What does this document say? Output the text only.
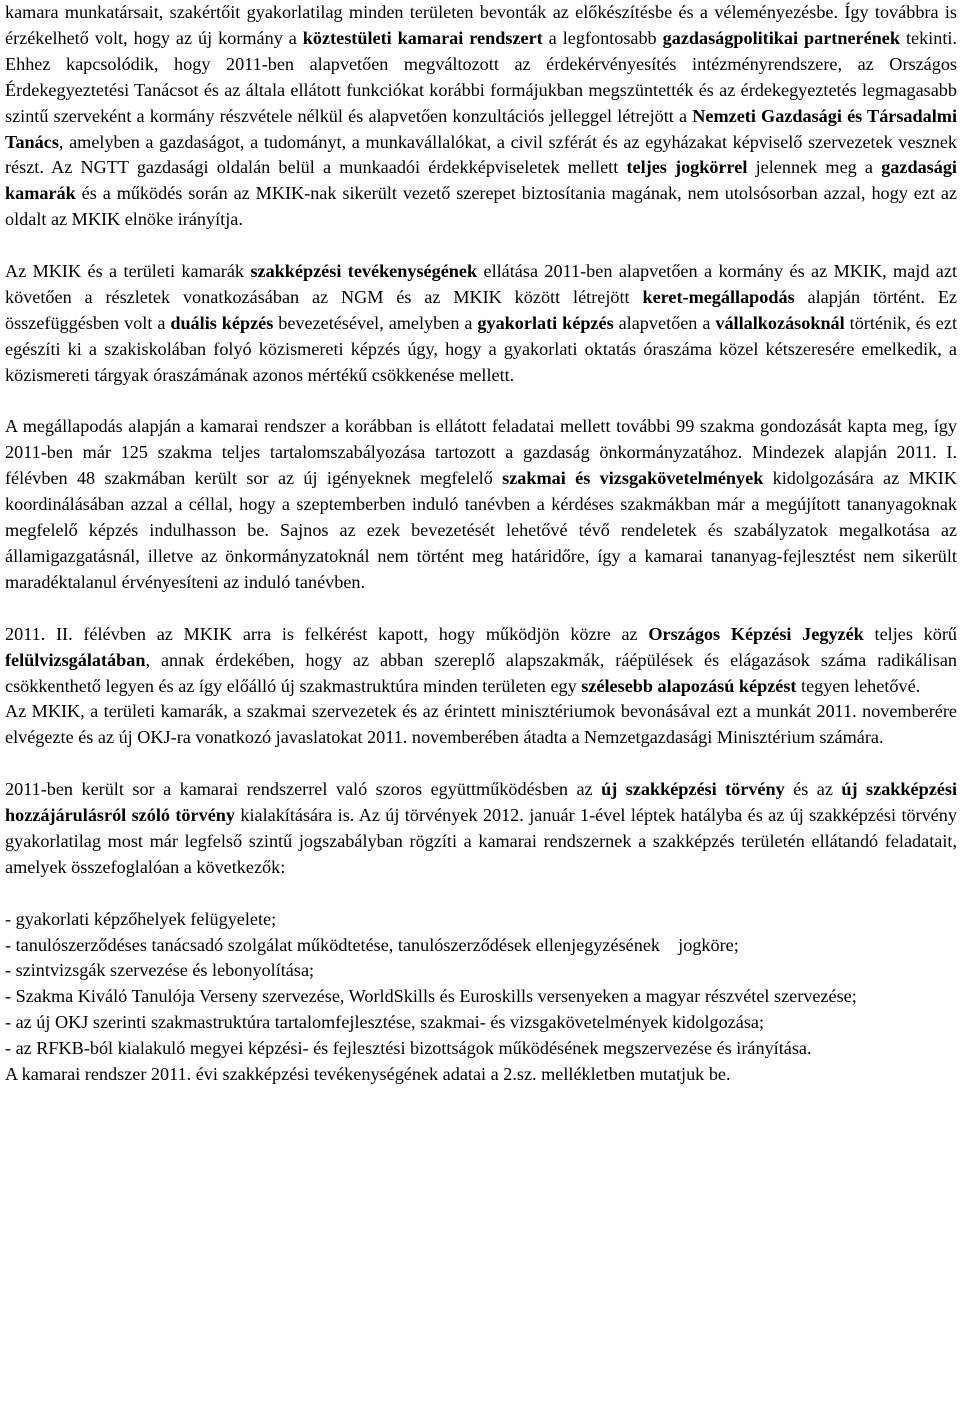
kamara munkatársait, szakértőit gyakorlatilag minden területen bevonták az előkészítésbe és a véleményezésbe. Így továbbra is érzékelhető volt, hogy az új kormány a köztestületi kamarai rendszert a legfontosabb gazdaságpolitikai partnerének tekinti. Ehhez kapcsolódik, hogy 2011-ben alapvetően megváltozott az érdekérvényesítés intézményrendszere, az Országos Érdekegyeztetési Tanácsot és az általa ellátott funkciókat korábbi formájukban megszüntették és az érdekegyeztetés legmagasabb szintű szerveként a kormány részvétele nélkül és alapvetően konzultációs jelleggel létrejött a Nemzeti Gazdasági és Társadalmi Tanács, amelyben a gazdaságot, a tudományt, a munkavállalókat, a civil szférát és az egyházakat képviselő szervezetek vesznek részt. Az NGTT gazdasági oldalán belül a munkaadói érdekképviseletek mellett teljes jogkörrel jelennek meg a gazdasági kamarák és a működés során az MKIK-nak sikerült vezető szerepet biztosítania magának, nem utolsósorban azzal, hogy ezt az oldalt az MKIK elnöke irányítja.

Az MKIK és a területi kamarák szakképzési tevékenységének ellátása 2011-ben alapvetően a kormány és az MKIK, majd azt követően a részletek vonatkozásában az NGM és az MKIK között létrejött keret-megállapodás alapján történt. Ez összefüggésben volt a duális képzés bevezetésével, amelyben a gyakorlati képzés alapvetően a vállalkozásoknál történik, és ezt egészíti ki a szakiskolában folyó közismereti képzés úgy, hogy a gyakorlati oktatás óraszáma közel kétszeresére emelkedik, a közismereti tárgyak óraszámának azonos mértékű csökkenése mellett.

A megállapodás alapján a kamarai rendszer a korábban is ellátott feladatai mellett további 99 szakma gondozását kapta meg, így 2011-ben már 125 szakma teljes tartalomszabályozása tartozott a gazdaság önkormányzatához. Mindezek alapján 2011. I. félévben 48 szakmában került sor az új igényeknek megfelelő szakmai és vizsgakövetelmények kidolgozására az MKIK koordinálásában azzal a céllal, hogy a szeptemberben induló tanévben a kérdéses szakmákban már a megújított tananyagoknak megfelelő képzés indulhasson be. Sajnos az ezek bevezetését lehetővé tévő rendeletek és szabályzatok megalkotása az államigazgatásnál, illetve az önkormányzatoknál nem történt meg határidőre, így a kamarai tananyag-fejlesztést nem sikerült maradéktalanul érvényesíteni az induló tanévben.

2011. II. félévben az MKIK arra is felkérést kapott, hogy működjön közre az Országos Képzési Jegyzék teljes körű felülvizsgálatában, annak érdekében, hogy az abban szereplő alapszakmák, ráépülések és elágazások száma radikálisan csökkenthető legyen és az így előálló új szakmastruktúra minden területen egy szélesebb alapozású képzést tegyen lehetővé.

Az MKIK, a területi kamarák, a szakmai szervezetek és az érintett minisztériumok bevonásával ezt a munkát 2011. novemberére elvégezte és az új OKJ-ra vonatkozó javaslatokat 2011. novemberében átadta a Nemzetgazdasági Minisztérium számára.

2011-ben került sor a kamarai rendszerrel való szoros együttműködésben az új szakképzési törvény és az új szakképzési hozzájárulásról szóló törvény kialakítására is. Az új törvények 2012. január 1-ével léptek hatályba és az új szakképzési törvény gyakorlatilag most már legfelső szintű jogszabályban rögzíti a kamarai rendszernek a szakképzés területén ellátandó feladatait, amelyek összefoglalóan a következők:

- gyakorlati képzőhelyek felügyelete;

- tanulószerződéses tanácsadó szolgálat működtetése, tanulószerződések ellenjegyzésének    jogköre;

- szintvizsgák szervezése és lebonyolítása;

- Szakma Kiváló Tanulója Verseny szervezése, WorldSkills és Euroskills versenyeken a magyar részvétel szervezése;

- az új OKJ szerinti szakmastruktúra tartalomfejlesztése, szakmai- és vizsgakövetelmények kidolgozása;

- az RFKB-ból kialakuló megyei képzési- és fejlesztési bizottságok működésének megszervezése és irányítása.

A kamarai rendszer 2011. évi szakképzési tevékenységének adatai a 2.sz. mellékletben mutatjuk be.
